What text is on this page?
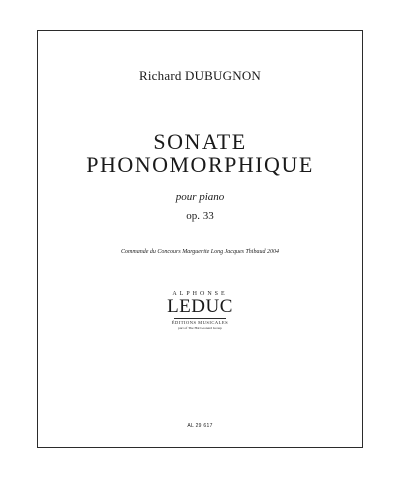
Richard DUBUGNON
SONATE
PHONOMORPHIQUE
pour piano
op. 33
Commande du Concours Marguerite Long Jacques Thibaud 2004
ALPHONSE
LEDUC
ÉDITIONS MUSICALES
part of The Hal Leonard Group
AL 29 617
